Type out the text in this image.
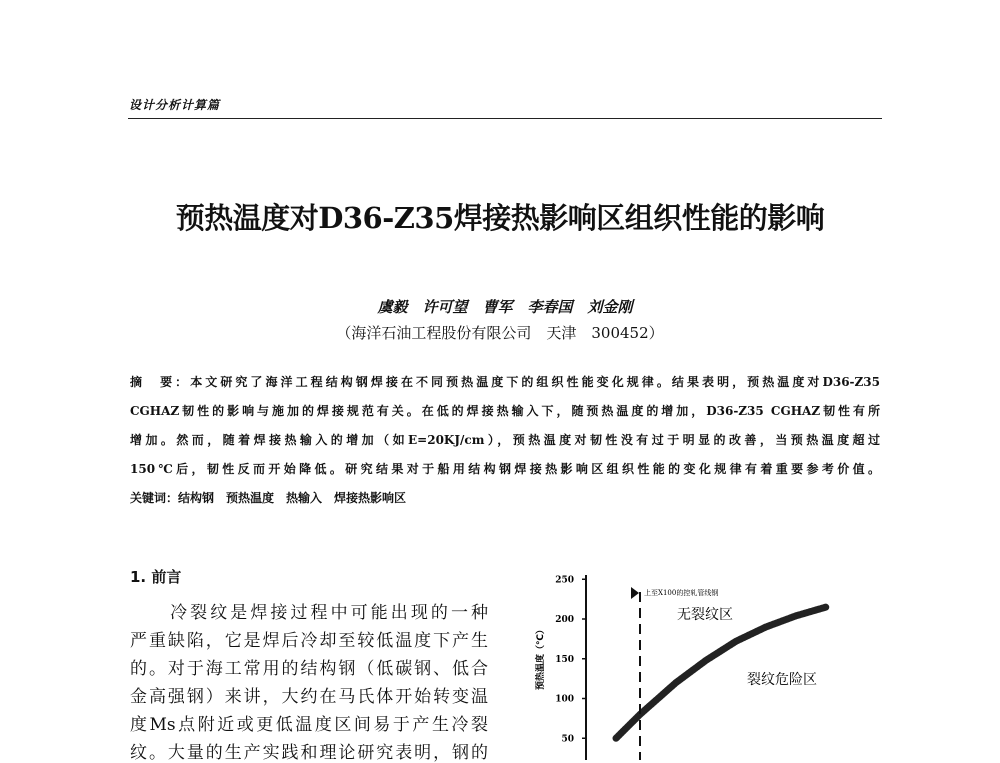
设计分析计算篇
预热温度对D36-Z35焊接热影响区组织性能的影响
虞毅　许可望　曹军　李春国　刘金刚
（海洋石油工程股份有限公司　天津　300452）
摘　要：本文研究了海洋工程结构钢焊接在不同预热温度下的组织性能变化规律。结果表明，预热温度对D36-Z35
CGHAZ韧性的影响与施加的焊接规范有关。在低的焊接热输入下，随预热温度的增加，D36-Z35 CGHAZ韧性有所
增加。然而，随着焊接热输入的增加（如E=20KJ/cm），预热温度对韧性没有过于明显的改善，当预热温度超过
150℃后，韧性反而开始降低。研究结果对于船用结构钢焊接热影响区组织性能的变化规律有着重要参考价值。
关键词：结构钢　预热温度　热输入　焊接热影响区
1. 前言
　　冷裂纹是焊接过程中可能出现的一种
严重缺陷，它是焊后冷却至较低温度下产生
的。对于海工常用的结构钢（低碳钢、低合
金高强钢）来讲，大约在马氏体开始转变温
度Ms点附近或更低温度区间易于产生冷裂
纹。大量的生产实践和理论研究表明，钢的
250
200
150
100
50
预热温度（℃）
上至X100的控轧管线钢
无裂纹区
裂纹危险区
